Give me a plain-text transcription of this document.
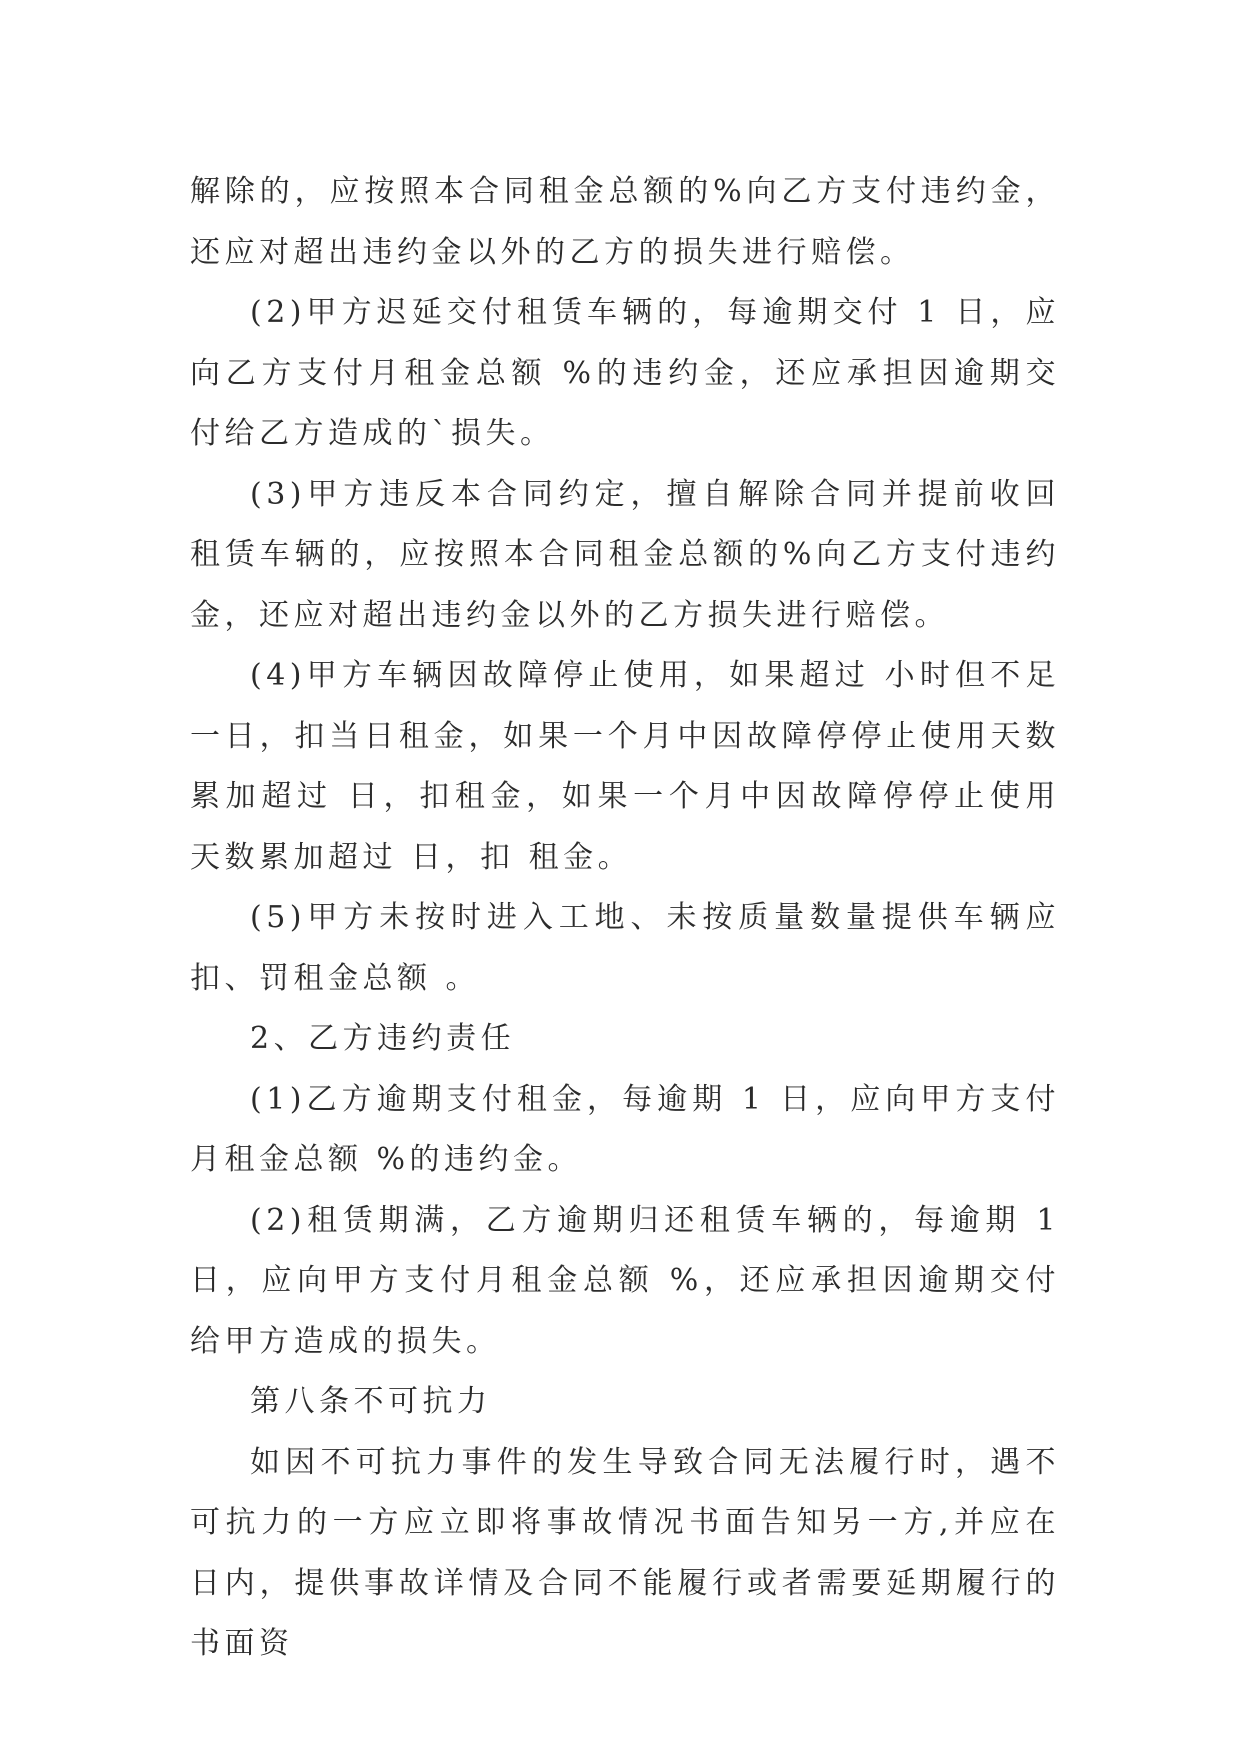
解除的，应按照本合同租金总额的%向乙方支付违约金，还应对超出违约金以外的乙方的损失进行赔偿。

(2)甲方迟延交付租赁车辆的，每逾期交付 1 日，应向乙方支付月租金总额 %的违约金，还应承担因逾期交付给乙方造成的`损失。

(3)甲方违反本合同约定，擅自解除合同并提前收回租赁车辆的，应按照本合同租金总额的%向乙方支付违约金，还应对超出违约金以外的乙方损失进行赔偿。

(4)甲方车辆因故障停止使用，如果超过 小时但不足一日，扣当日租金，如果一个月中因故障停停止使用天数累加超过 日，扣租金，如果一个月中因故障停停止使用天数累加超过 日，扣 租金。

(5)甲方未按时进入工地、未按质量数量提供车辆应扣、罚租金总额 。

2、乙方违约责任

(1)乙方逾期支付租金，每逾期 1 日，应向甲方支付月租金总额 %的违约金。

(2)租赁期满，乙方逾期归还租赁车辆的，每逾期 1 日，应向甲方支付月租金总额 %，还应承担因逾期交付给甲方造成的损失。

第八条不可抗力

如因不可抗力事件的发生导致合同无法履行时，遇不可抗力的一方应立即将事故情况书面告知另一方,并应在日内，提供事故详情及合同不能履行或者需要延期履行的书面资
